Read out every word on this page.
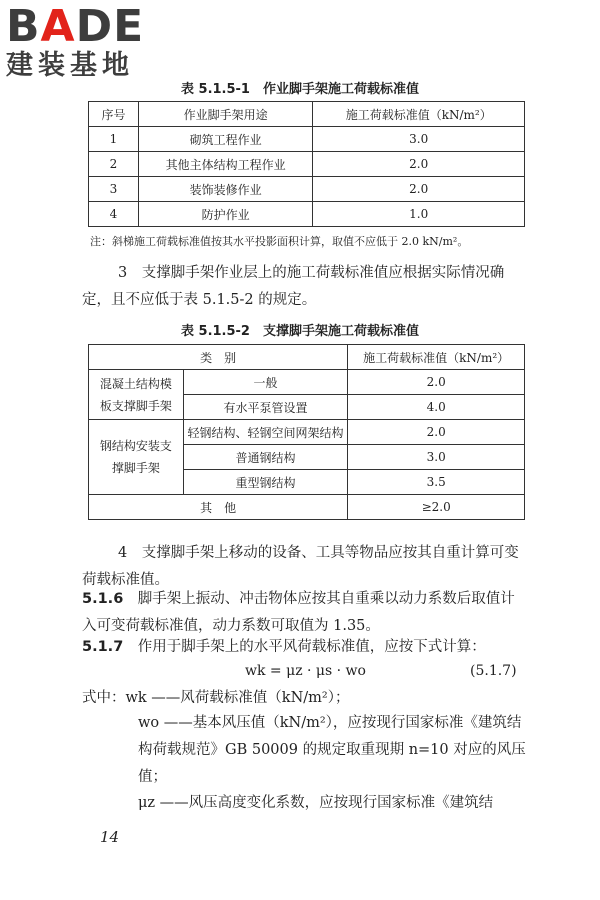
BADE
建装基地
表 5.1.5-1　作业脚手架施工荷载标准值
序号	作业脚手架用途	施工荷载标准值（kN/m²）
1	砌筑工程作业	3.0
2	其他主体结构工程作业	2.0
3	装饰装修作业	2.0
4	防护作业	1.0
注：斜梯施工荷载标准值按其水平投影面积计算，取值不应低于 2.0 kN/m²。
3　支撑脚手架作业层上的施工荷载标准值应根据实际情况确定，且不应低于表 5.1.5-2 的规定。
表 5.1.5-2　支撑脚手架施工荷载标准值
类　别		施工荷载标准值（kN/m²）
混凝土结构模板支撑脚手架	一般	2.0
	有水平泵管设置	4.0
钢结构安装支撑脚手架	轻钢结构、轻钢空间网架结构	2.0
	普通钢结构	3.0
	重型钢结构	3.5
其　他		≥2.0
4　支撑脚手架上移动的设备、工具等物品应按其自重计算可变荷载标准值。
5.1.6　 脚手架上振动、冲击物体应按其自重乘以动力系数后取值计入可变荷载标准值，动力系数可取值为 1.35。
5.1.7　 作用于脚手架上的水平风荷载标准值，应按下式计算：
wk = μz · μs · wo	(5.1.7)
式中：wk ——风荷载标准值（kN/m²）；
wo ——基本风压值（kN/m²），应按现行国家标准《建筑结构荷载规范》GB 50009 的规定取重现期 n=10 对应的风压值；
μz ——风压高度变化系数，应按现行国家标准《建筑结
14
